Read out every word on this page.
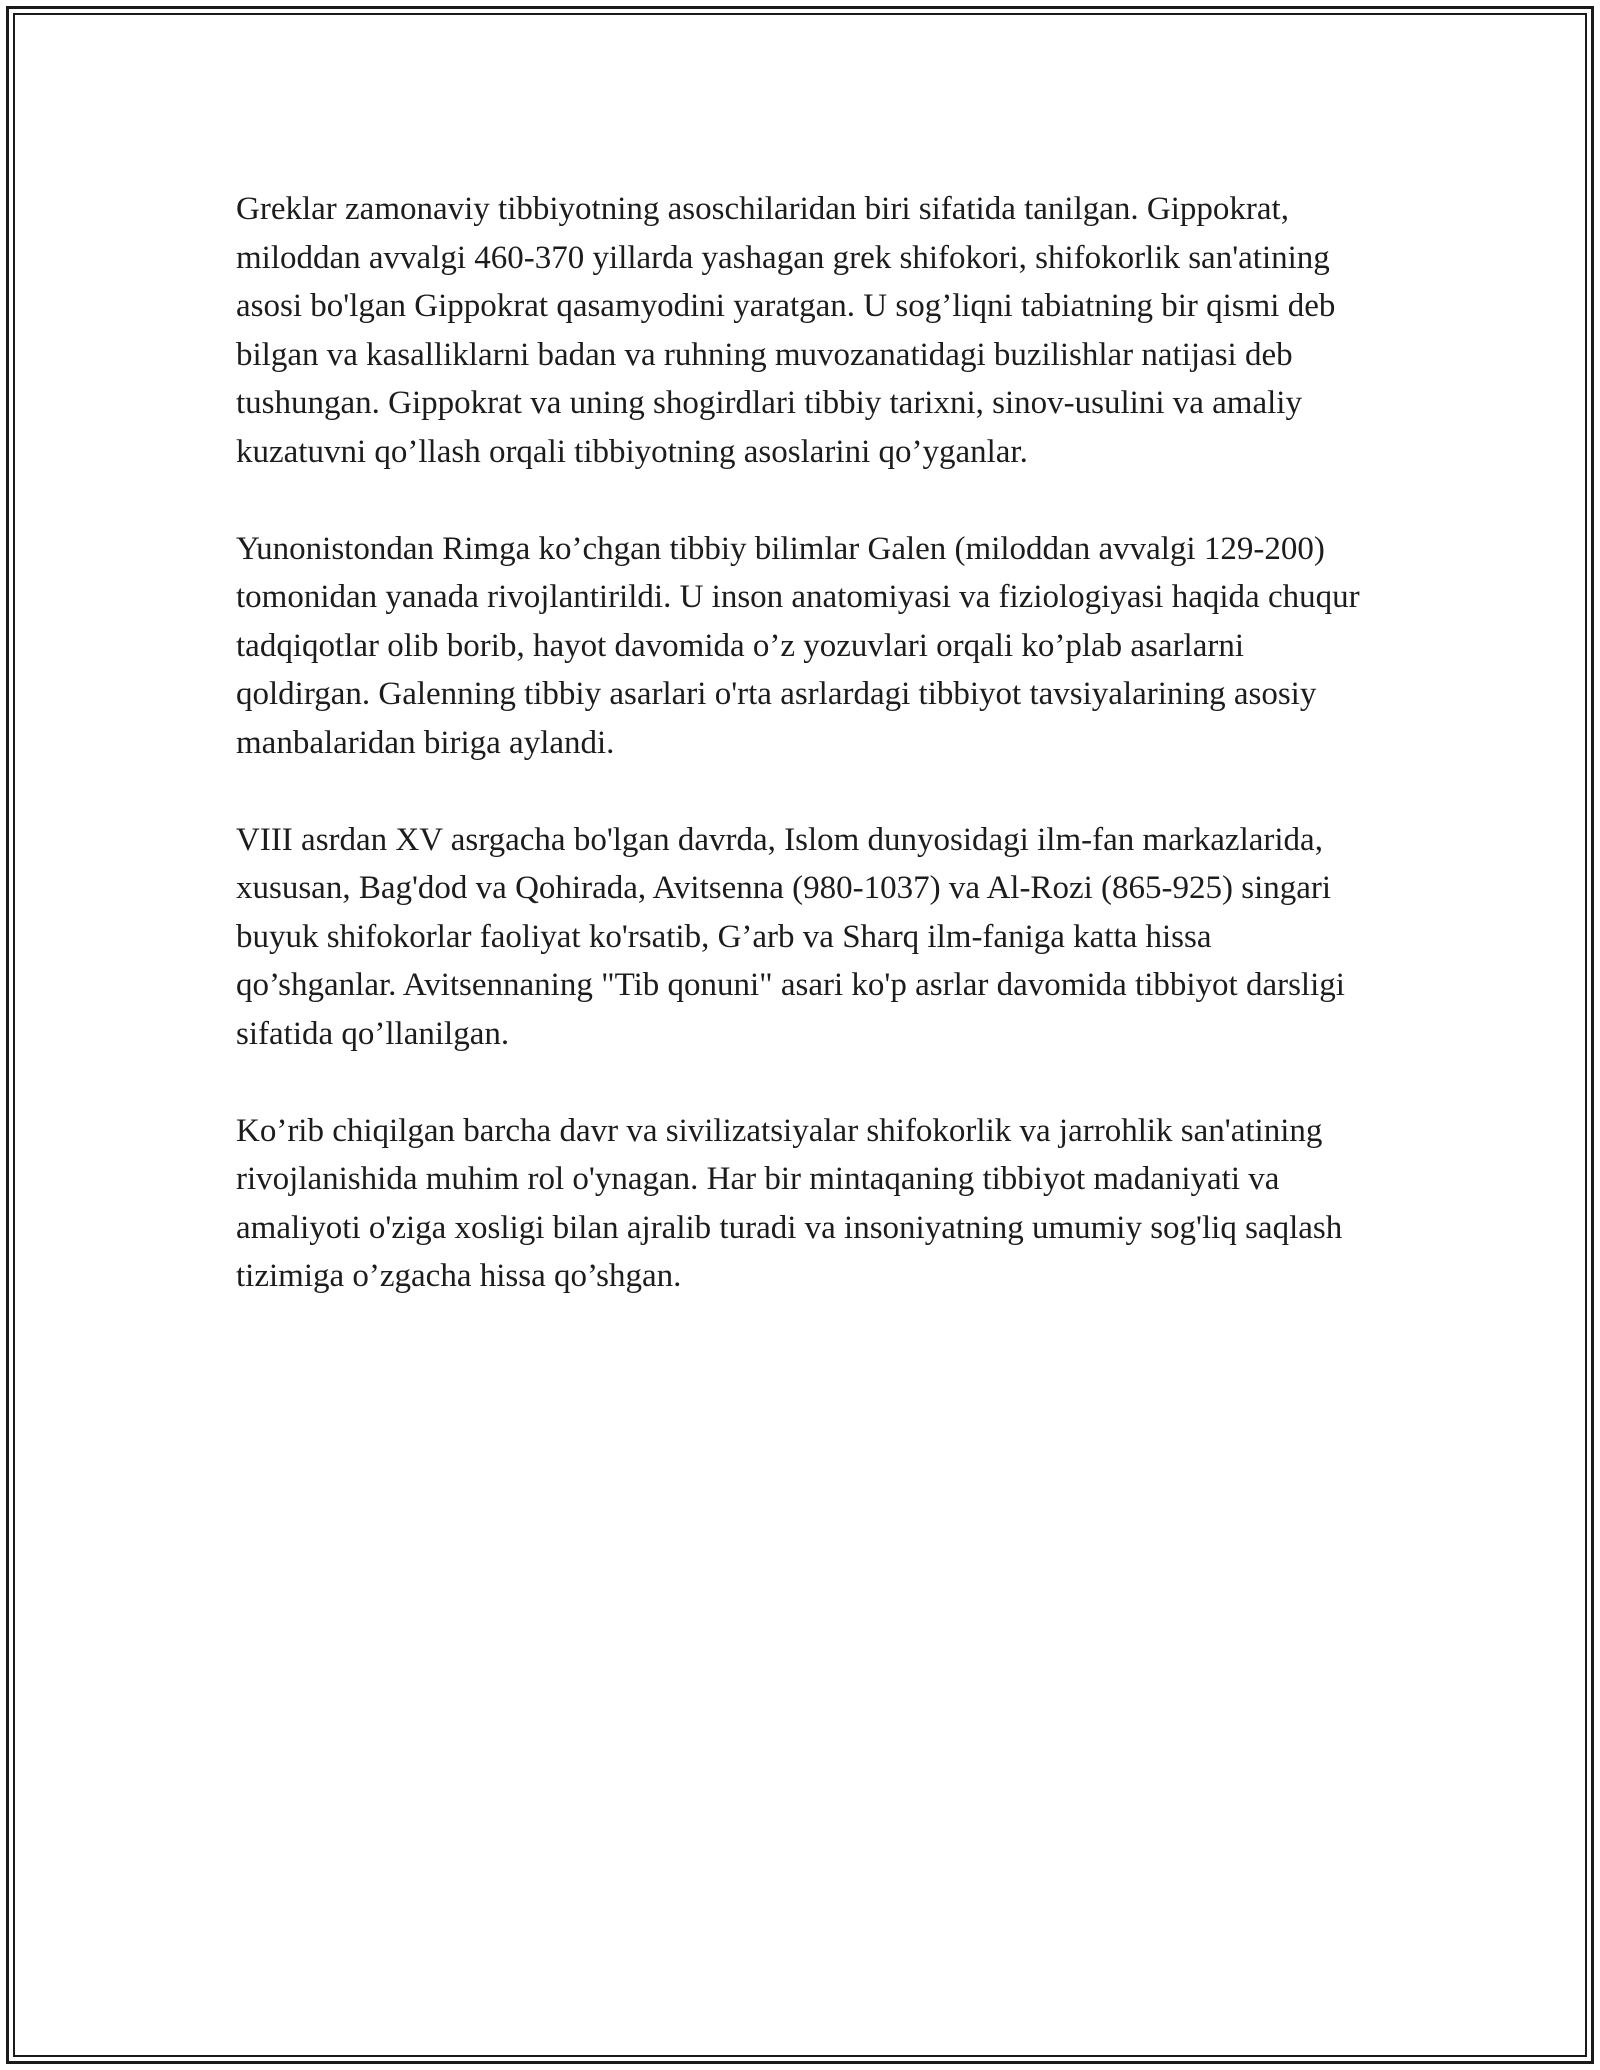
Greklar zamonaviy tibbiyotning asoschilaridan biri sifatida tanilgan. Gippokrat, miloddan avvalgi 460-370 yillarda yashagan grek shifokori, shifokorlik san'atining asosi bo'lgan Gippokrat qasamyodini yaratgan. U sog’liqni tabiatning bir qismi deb bilgan va kasalliklarni badan va ruhning muvozanatidagi buzilishlar natijasi deb tushungan. Gippokrat va uning shogirdlari tibbiy tarixni, sinov-usulini va amaliy kuzatuvni qo’llash orqali tibbiyotning asoslarini qo’yganlar.

Yunonistondan Rimga ko’chgan tibbiy bilimlar Galen (miloddan avvalgi 129-200) tomonidan yanada rivojlantirildi. U inson anatomiyasi va fiziologiyasi haqida chuqur tadqiqotlar olib borib, hayot davomida o’z yozuvlari orqali ko’plab asarlarni qoldirgan. Galenning tibbiy asarlari o'rta asrlardagi tibbiyot tavsiyalarining asosiy manbalaridan biriga aylandi.

VIII asrdan XV asrgacha bo'lgan davrda, Islom dunyosidagi ilm-fan markazlarida, xususan, Bag'dod va Qohirada, Avitsenna (980-1037) va Al-Rozi (865-925) singari buyuk shifokorlar faoliyat ko'rsatib, G’arb va Sharq ilm-faniga katta hissa qo’shganlar. Avitsennaning "Tib qonuni" asari ko'p asrlar davomida tibbiyot darsligi sifatida qo’llanilgan.

Ko’rib chiqilgan barcha davr va sivilizatsiyalar shifokorlik va jarrohlik san'atining rivojlanishida muhim rol o'ynagan. Har bir mintaqaning tibbiyot madaniyati va amaliyoti o'ziga xosligi bilan ajralib turadi va insoniyatning umumiy sog'liq saqlash tizimiga o’zgacha hissa qo’shgan.
